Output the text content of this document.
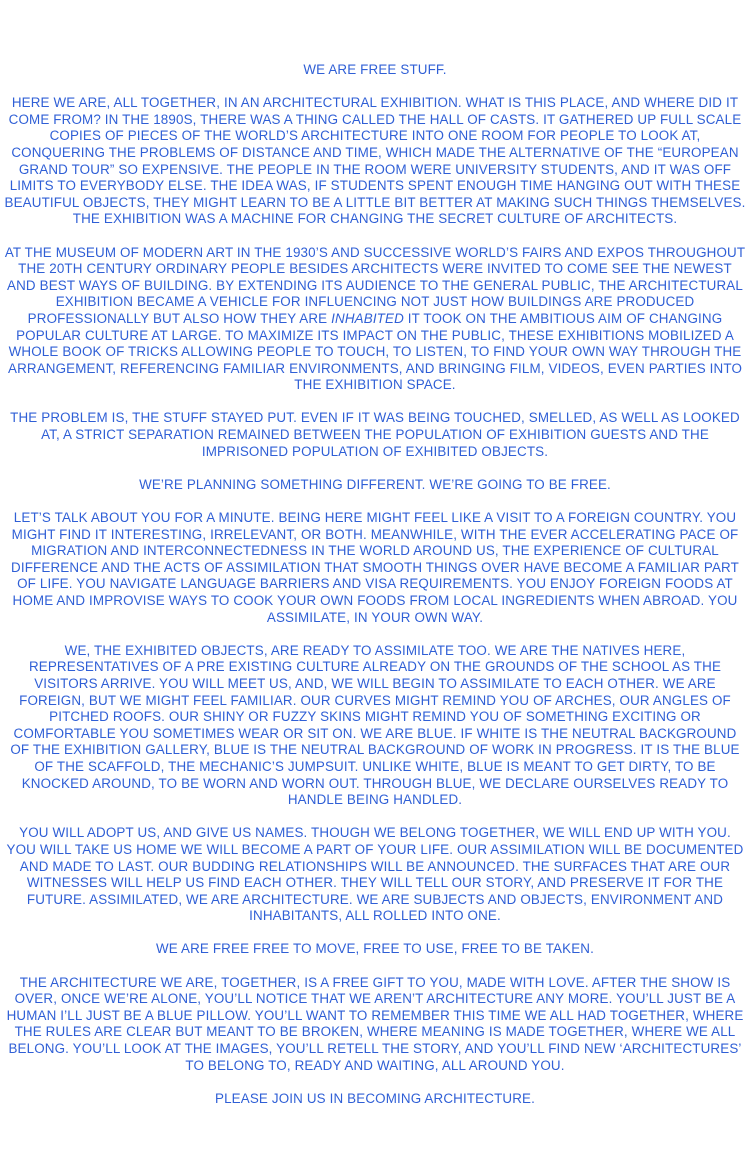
WE ARE FREE STUFF.

HERE WE ARE, ALL TOGETHER, IN AN ARCHITECTURAL EXHIBITION. WHAT IS THIS PLACE, AND WHERE DID IT COME FROM? IN THE 1890S, THERE WAS A THING CALLED THE HALL OF CASTS. IT GATHERED UP FULL SCALE COPIES OF PIECES OF THE WORLD’S ARCHITECTURE INTO ONE ROOM FOR PEOPLE TO LOOK AT, CONQUERING THE PROBLEMS OF DISTANCE AND TIME, WHICH MADE THE ALTERNATIVE OF THE “EUROPEAN GRAND TOUR” SO EXPENSIVE. THE PEOPLE IN THE ROOM WERE UNIVERSITY STUDENTS, AND IT WAS OFF LIMITS TO EVERYBODY ELSE. THE IDEA WAS, IF STUDENTS SPENT ENOUGH TIME HANGING OUT WITH THESE BEAUTIFUL OBJECTS, THEY MIGHT LEARN TO BE A LITTLE BIT BETTER AT MAKING SUCH THINGS THEMSELVES. THE EXHIBITION WAS A MACHINE FOR CHANGING THE SECRET CULTURE OF ARCHITECTS.

AT THE MUSEUM OF MODERN ART IN THE 1930’S AND SUCCESSIVE WORLD’S FAIRS AND EXPOS THROUGHOUT THE 20TH CENTURY ORDINARY PEOPLE BESIDES ARCHITECTS WERE INVITED TO COME SEE THE NEWEST AND BEST WAYS OF BUILDING. BY EXTENDING ITS AUDIENCE TO THE GENERAL PUBLIC, THE ARCHITECTURAL EXHIBITION BECAME A VEHICLE FOR INFLUENCING NOT JUST HOW BUILDINGS ARE PRODUCED PROFESSIONALLY BUT ALSO HOW THEY ARE INHABITED IT TOOK ON THE AMBITIOUS AIM OF CHANGING POPULAR CULTURE AT LARGE. TO MAXIMIZE ITS IMPACT ON THE PUBLIC, THESE EXHIBITIONS MOBILIZED A WHOLE BOOK OF TRICKS ALLOWING PEOPLE TO TOUCH, TO LISTEN, TO FIND YOUR OWN WAY THROUGH THE ARRANGEMENT, REFERENCING FAMILIAR ENVIRONMENTS, AND BRINGING FILM, VIDEOS, EVEN PARTIES INTO THE EXHIBITION SPACE.

THE PROBLEM IS, THE STUFF STAYED PUT. EVEN IF IT WAS BEING TOUCHED, SMELLED, AS WELL AS LOOKED AT, A STRICT SEPARATION REMAINED BETWEEN THE POPULATION OF EXHIBITION GUESTS AND THE IMPRISONED POPULATION OF EXHIBITED OBJECTS.

WE’RE PLANNING SOMETHING DIFFERENT. WE’RE GOING TO BE FREE.

LET’S TALK ABOUT YOU FOR A MINUTE. BEING HERE MIGHT FEEL LIKE A VISIT TO A FOREIGN COUNTRY. YOU MIGHT FIND IT INTERESTING, IRRELEVANT, OR BOTH. MEANWHILE, WITH THE EVER ACCELERATING PACE OF MIGRATION AND INTERCONNECTEDNESS IN THE WORLD AROUND US, THE EXPERIENCE OF CULTURAL DIFFERENCE AND THE ACTS OF ASSIMILATION THAT SMOOTH THINGS OVER HAVE BECOME A FAMILIAR PART OF LIFE. YOU NAVIGATE LANGUAGE BARRIERS AND VISA REQUIREMENTS. YOU ENJOY FOREIGN FOODS AT HOME AND IMPROVISE WAYS TO COOK YOUR OWN FOODS FROM LOCAL INGREDIENTS WHEN ABROAD. YOU ASSIMILATE, IN YOUR OWN WAY.

WE, THE EXHIBITED OBJECTS, ARE READY TO ASSIMILATE TOO. WE ARE THE NATIVES HERE, REPRESENTATIVES OF A PRE EXISTING CULTURE ALREADY ON THE GROUNDS OF THE SCHOOL AS THE VISITORS ARRIVE. YOU WILL MEET US, AND, WE WILL BEGIN TO ASSIMILATE TO EACH OTHER. WE ARE FOREIGN, BUT WE MIGHT FEEL FAMILIAR. OUR CURVES MIGHT REMIND YOU OF ARCHES, OUR ANGLES OF PITCHED ROOFS. OUR SHINY OR FUZZY SKINS MIGHT REMIND YOU OF SOMETHING EXCITING OR COMFORTABLE YOU SOMETIMES WEAR OR SIT ON. WE ARE BLUE. IF WHITE IS THE NEUTRAL BACKGROUND OF THE EXHIBITION GALLERY, BLUE IS THE NEUTRAL BACKGROUND OF WORK IN PROGRESS. IT IS THE BLUE OF THE SCAFFOLD, THE MECHANIC’S JUMPSUIT. UNLIKE WHITE, BLUE IS MEANT TO GET DIRTY, TO BE KNOCKED AROUND, TO BE WORN AND WORN OUT. THROUGH BLUE, WE DECLARE OURSELVES READY TO HANDLE BEING HANDLED.

YOU WILL ADOPT US, AND GIVE US NAMES. THOUGH WE BELONG TOGETHER, WE WILL END UP WITH YOU. YOU WILL TAKE US HOME WE WILL BECOME A PART OF YOUR LIFE. OUR ASSIMILATION WILL BE DOCUMENTED AND MADE TO LAST. OUR BUDDING RELATIONSHIPS WILL BE ANNOUNCED. THE SURFACES THAT ARE OUR WITNESSES WILL HELP US FIND EACH OTHER. THEY WILL TELL OUR STORY, AND PRESERVE IT FOR THE FUTURE. ASSIMILATED, WE ARE ARCHITECTURE. WE ARE SUBJECTS AND OBJECTS, ENVIRONMENT AND INHABITANTS, ALL ROLLED INTO ONE.

WE ARE FREE FREE TO MOVE, FREE TO USE, FREE TO BE TAKEN.

THE ARCHITECTURE WE ARE, TOGETHER, IS A FREE GIFT TO YOU, MADE WITH LOVE. AFTER THE SHOW IS OVER, ONCE WE’RE ALONE, YOU’LL NOTICE THAT WE AREN’T ARCHITECTURE ANY MORE. YOU’LL JUST BE A HUMAN I’LL JUST BE A BLUE PILLOW. YOU’LL WANT TO REMEMBER THIS TIME WE ALL HAD TOGETHER, WHERE THE RULES ARE CLEAR BUT MEANT TO BE BROKEN, WHERE MEANING IS MADE TOGETHER, WHERE WE ALL BELONG. YOU’LL LOOK AT THE IMAGES, YOU’LL RETELL THE STORY, AND YOU’LL FIND NEW ‘ARCHITECTURES’ TO BELONG TO, READY AND WAITING, ALL AROUND YOU.

PLEASE JOIN US IN BECOMING ARCHITECTURE.
